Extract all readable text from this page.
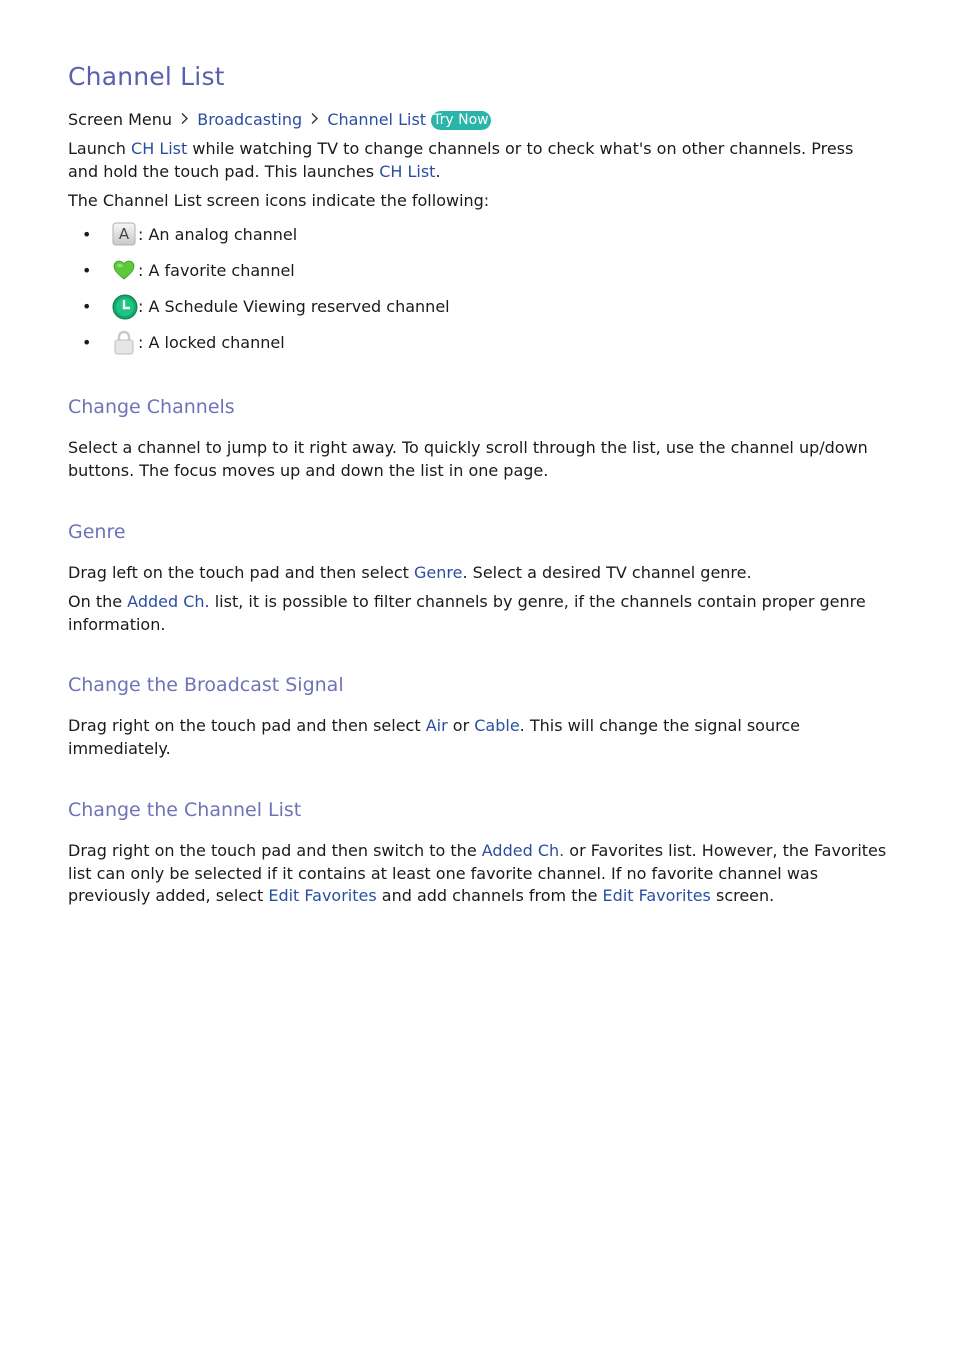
Channel List

Screen Menu Broadcasting Channel List Try Now

Launch CH List while watching TV to change channels or to check what's on other channels. Press and hold the touch pad. This launches CH List.

The Channel List screen icons indicate the following:

• A : An analog channel
•	: A favorite channel
•	: A Schedule Viewing reserved channel
•	: A locked channel
Change Channels

Select a channel to jump to it right away. To quickly scroll through the list, use the channel up/down buttons. The focus moves up and down the list in one page.

Genre

Drag left on the touch pad and then select Genre. Select a desired TV channel genre.

On the Added Ch. list, it is possible to filter channels by genre, if the channels contain proper genre information.

Change the Broadcast Signal

Drag right on the touch pad and then select Air or Cable. This will change the signal source immediately.

Change the Channel List

Drag right on the touch pad and then switch to the Added Ch. or Favorites list. However, the Favorites list can only be selected if it contains at least one favorite channel. If no favorite channel was previously added, select Edit Favorites and add channels from the Edit Favorites screen.
